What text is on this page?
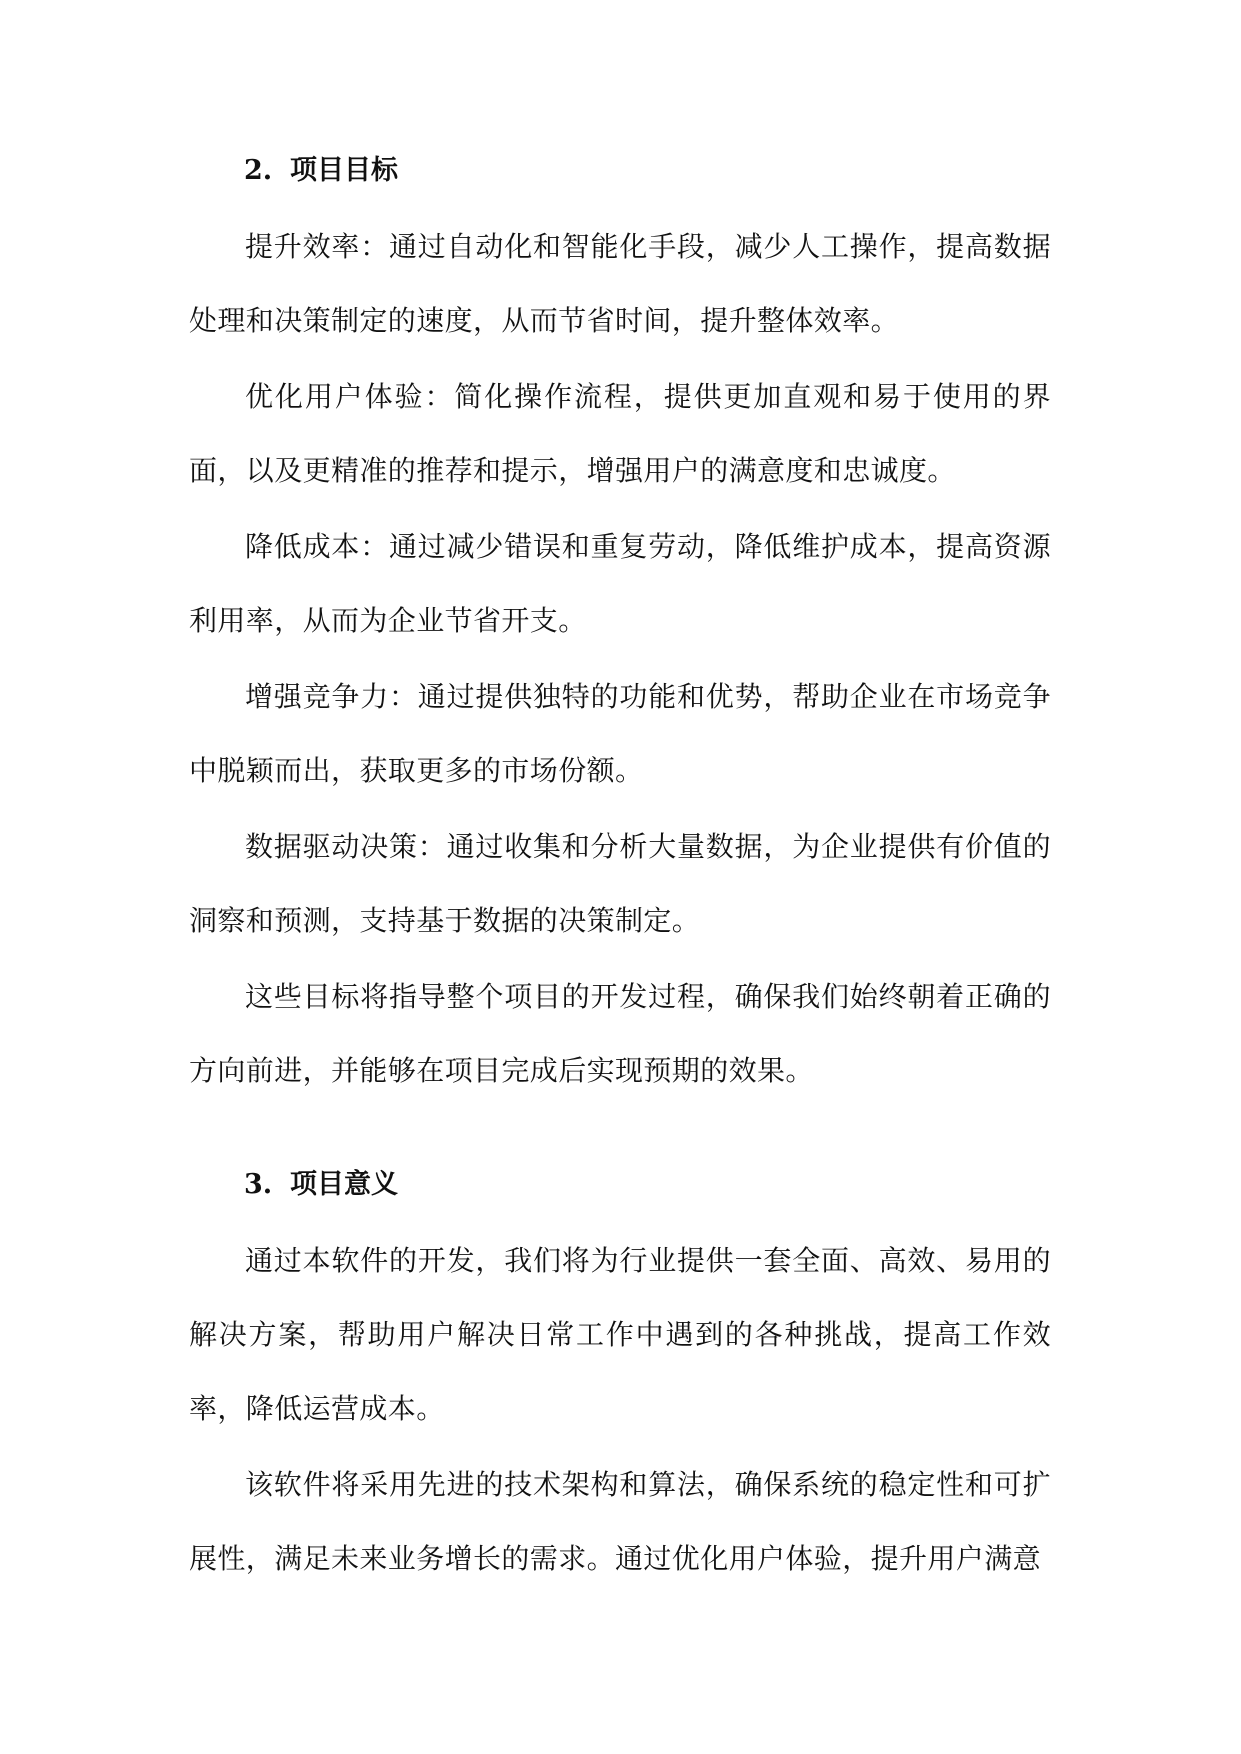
2. 项目目标

提升效率：通过自动化和智能化手段，减少人工操作，提高数据处理和决策制定的速度，从而节省时间，提升整体效率。

优化用户体验：简化操作流程，提供更加直观和易于使用的界面，以及更精准的推荐和提示，增强用户的满意度和忠诚度。

降低成本：通过减少错误和重复劳动，降低维护成本，提高资源利用率，从而为企业节省开支。

增强竞争力：通过提供独特的功能和优势，帮助企业在市场竞争中脱颖而出，获取更多的市场份额。

数据驱动决策：通过收集和分析大量数据，为企业提供有价值的洞察和预测，支持基于数据的决策制定。

这些目标将指导整个项目的开发过程，确保我们始终朝着正确的方向前进，并能够在项目完成后实现预期的效果。

3. 项目意义

通过本软件的开发，我们将为行业提供一套全面、高效、易用的解决方案，帮助用户解决日常工作中遇到的各种挑战，提高工作效率，降低运营成本。

该软件将采用先进的技术架构和算法，确保系统的稳定性和可扩展性，满足未来业务增长的需求。通过优化用户体验，提升用户满意
